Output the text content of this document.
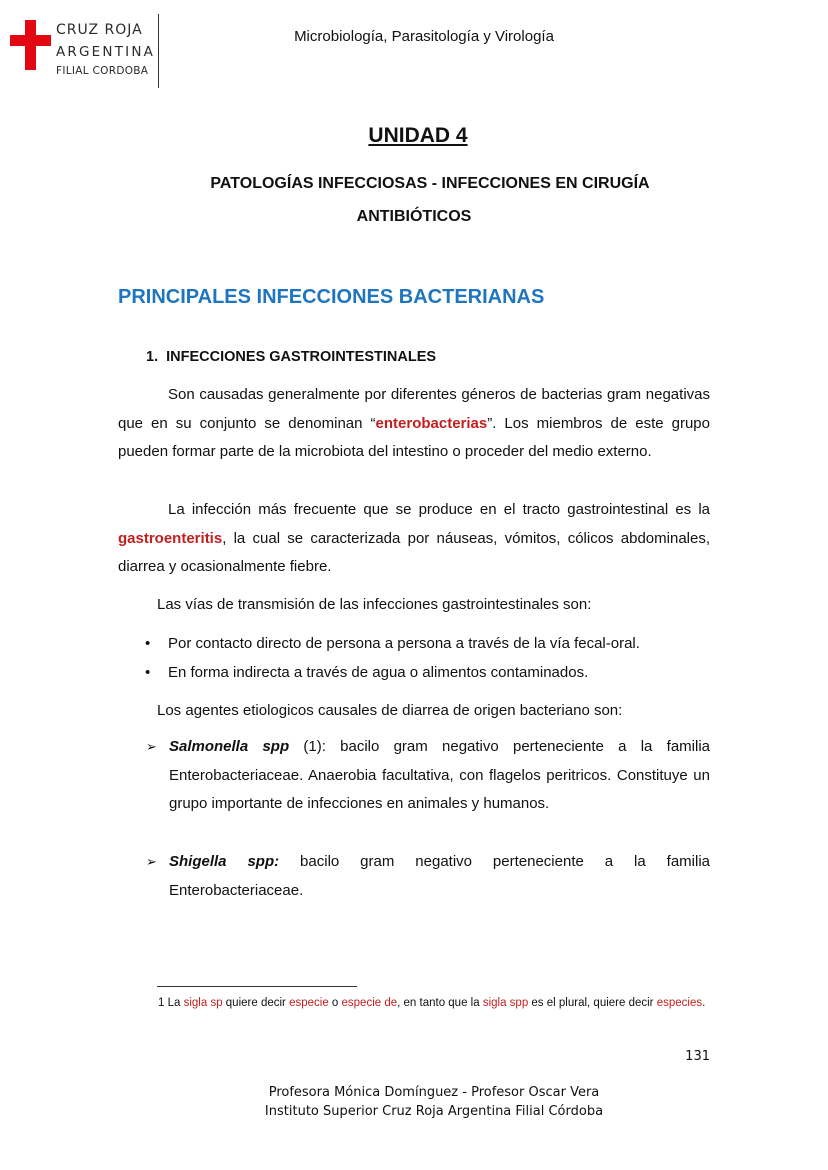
CRUZ ROJA
ARGENTINA
FILIAL CORDOBA
Microbiología, Parasitología y Virología
UNIDAD 4
PATOLOGÍAS INFECCIOSAS - INFECCIONES EN CIRUGÍA
ANTIBIÓTICOS
PRINCIPALES INFECCIONES BACTERIANAS
1. INFECCIONES GASTROINTESTINALES
Son causadas generalmente por diferentes géneros de bacterias gram negativas que en su conjunto se denominan “enterobacterias”. Los miembros de este grupo pueden formar parte de la microbiota del intestino o proceder del medio externo.
La infección más frecuente que se produce en el tracto gastrointestinal es la gastroenteritis, la cual se caracterizada por náuseas, vómitos, cólicos abdominales, diarrea y ocasionalmente fiebre.
Las vías de transmisión de las infecciones gastrointestinales son:
• Por contacto directo de persona a persona a través de la vía fecal-oral.
• En forma indirecta a través de agua o alimentos contaminados.
Los agentes etiologicos causales de diarrea de origen bacteriano son:
➢ Salmonella spp (1): bacilo gram negativo perteneciente a la familia Enterobacteriaceae. Anaerobia facultativa, con flagelos peritricos. Constituye un grupo importante de infecciones en animales y humanos.
➢ Shigella spp: bacilo gram negativo perteneciente a la familia Enterobacteriaceae.
1 La sigla sp quiere decir especie o especie de, en tanto que la sigla spp es el plural, quiere decir especies.
131
Profesora Mónica Domínguez - Profesor Oscar Vera
Instituto Superior Cruz Roja Argentina Filial Córdoba
